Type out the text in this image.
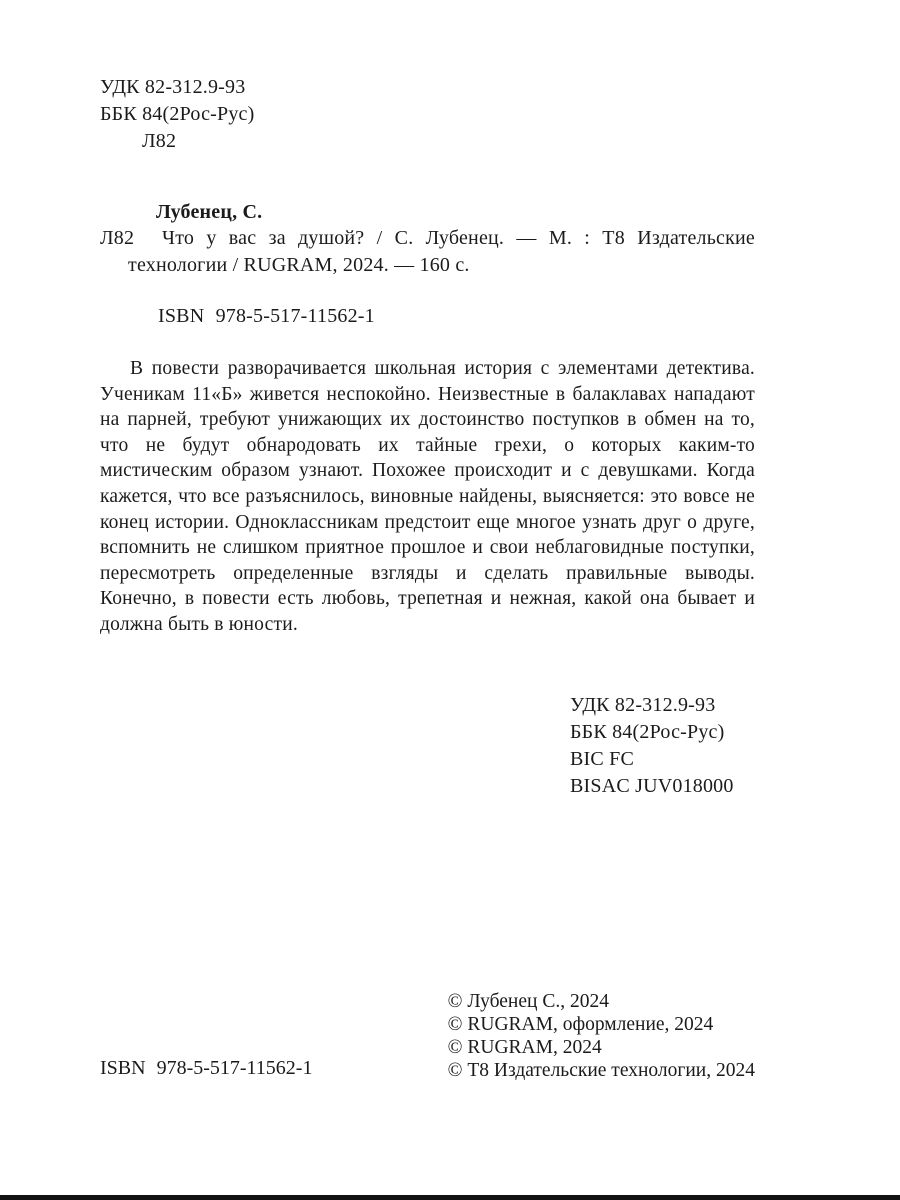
УДК 82-312.9-93
ББК 84(2Рос-Рус)
Л82
Лубенец, С.
Л82 Что у вас за душой? / С. Лубенец. — М. : Т8 Издательские технологии / RUGRAM, 2024. — 160 с.
ISBN 978-5-517-11562-1
В повести разворачивается школьная история с элементами детектива. Ученикам 11«Б» живется неспокойно. Неизвестные в балаклавах нападают на парней, требуют унижающих их достоинство поступков в обмен на то, что не будут обнародовать их тайные грехи, о которых каким-то мистическим образом узнают. Похожее происходит и с девушками. Когда кажется, что все разъяснилось, виновные найдены, выясняется: это вовсе не конец истории. Одноклассникам предстоит еще многое узнать друг о друге, вспомнить не слишком приятное прошлое и свои неблаговидные поступки, пересмотреть определенные взгляды и сделать правильные выводы. Конечно, в повести есть любовь, трепетная и нежная, какой она бывает и должна быть в юности.
УДК 82-312.9-93
ББК 84(2Рос-Рус)
BIC FC
BISAC JUV018000
ISBN 978-5-517-11562-1
© Лубенец С., 2024
© RUGRAM, оформление, 2024
© RUGRAM, 2024
© Т8 Издательские технологии, 2024
